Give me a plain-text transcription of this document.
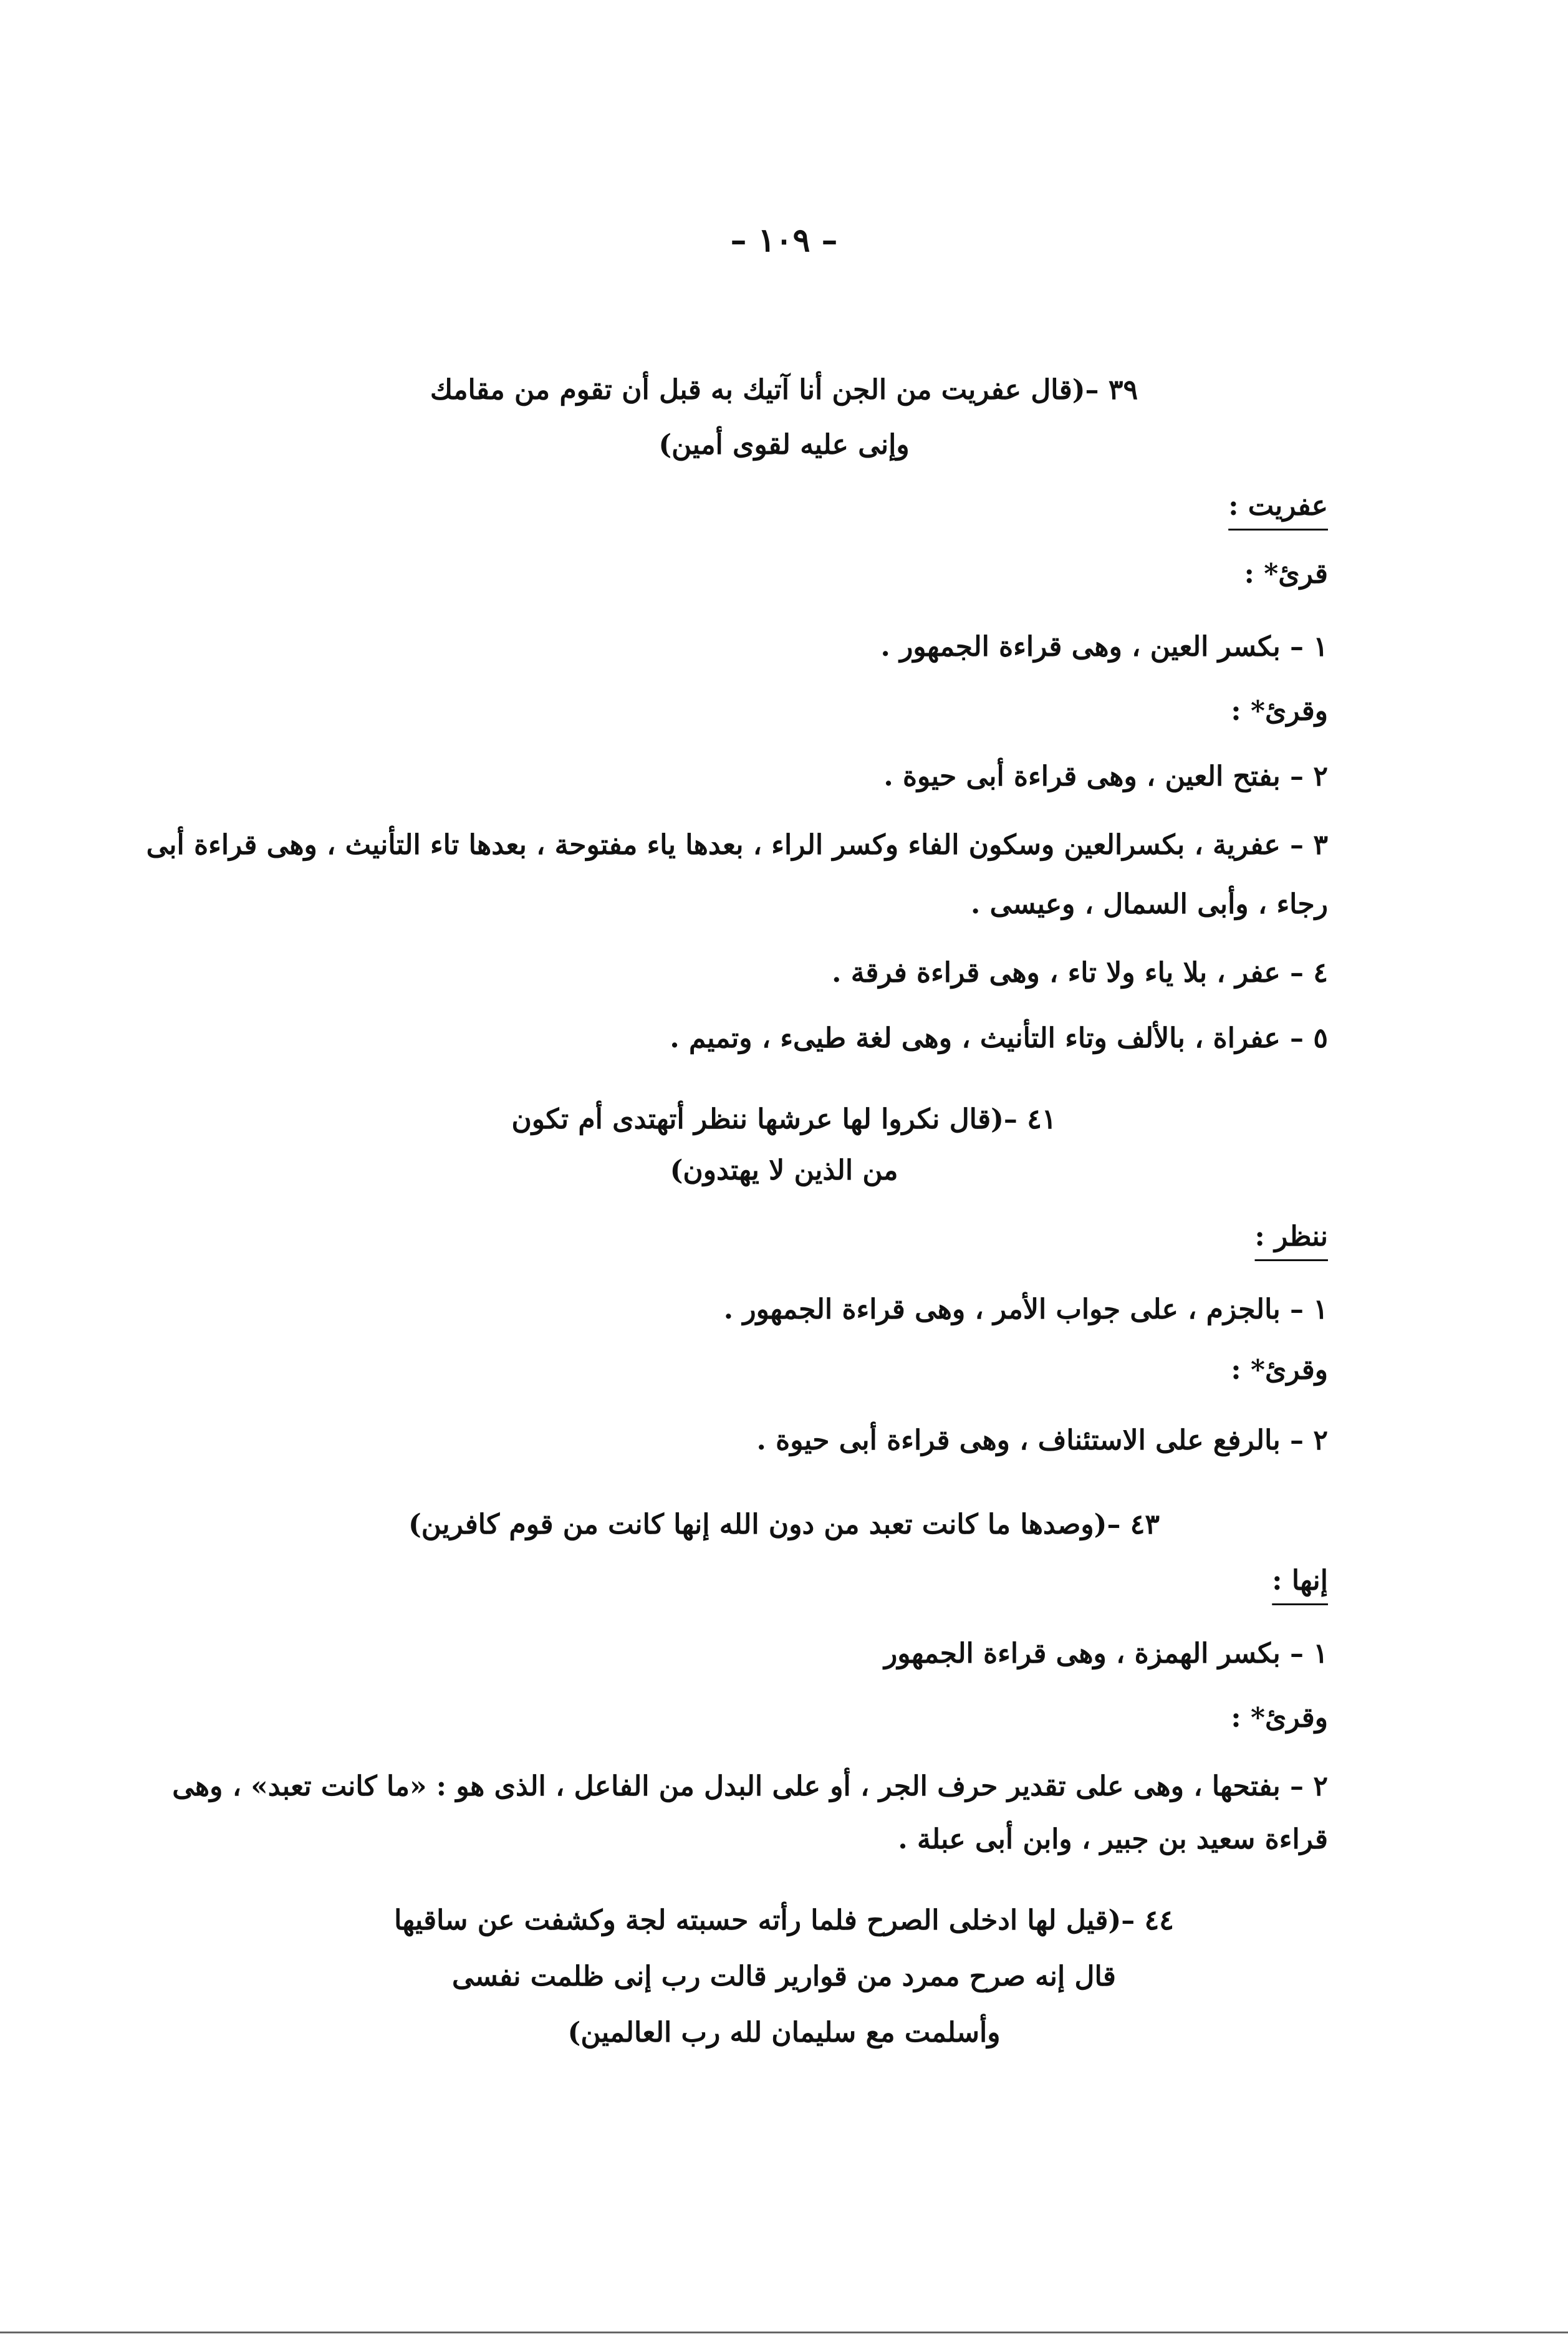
– ١٠٩ –
٣٩ –(قال عفريت من الجن أنا آتيك به قبل أن تقوم من مقامك
وإنى عليه لقوى أمين)
عفريت :
قرئ* :
١ – بكسر العين ، وهى قراءة الجمهور .
وقرئ* :
٢ – بفتح العين ، وهى قراءة أبى حيوة .
٣ – عفرية ، بكسرالعين وسكون الفاء وكسر الراء ، بعدها ياء مفتوحة ، بعدها تاء التأنيث ، وهى قراءة أبى
رجاء ، وأبى السمال ، وعيسى .
٤ – عفر ، بلا ياء ولا تاء ، وهى قراءة فرقة .
٥ – عفراة ، بالألف وتاء التأنيث ، وهى لغة طيىء ، وتميم .
٤١ –(قال نكروا لها عرشها ننظر أتهتدى أم تكون
من الذين لا يهتدون)
ننظر :
١ – بالجزم ، على جواب الأمر ، وهى قراءة الجمهور .
وقرئ* :
٢ – بالرفع على الاستئناف ، وهى قراءة أبى حيوة .
٤٣ –(وصدها ما كانت تعبد من دون الله إنها كانت من قوم كافرين)
إنها :
١ – بكسر الهمزة ، وهى قراءة الجمهور
وقرئ* :
٢ – بفتحها ، وهى على تقدير حرف الجر ، أو على البدل من الفاعل ، الذى هو : «ما كانت تعبد» ، وهى
قراءة سعيد بن جبير ، وابن أبى عبلة .
٤٤ –(قيل لها ادخلى الصرح فلما رأته حسبته لجة وكشفت عن ساقيها
قال إنه صرح ممرد من قوارير قالت رب إنى ظلمت نفسى
وأسلمت مع سليمان لله رب العالمين)
